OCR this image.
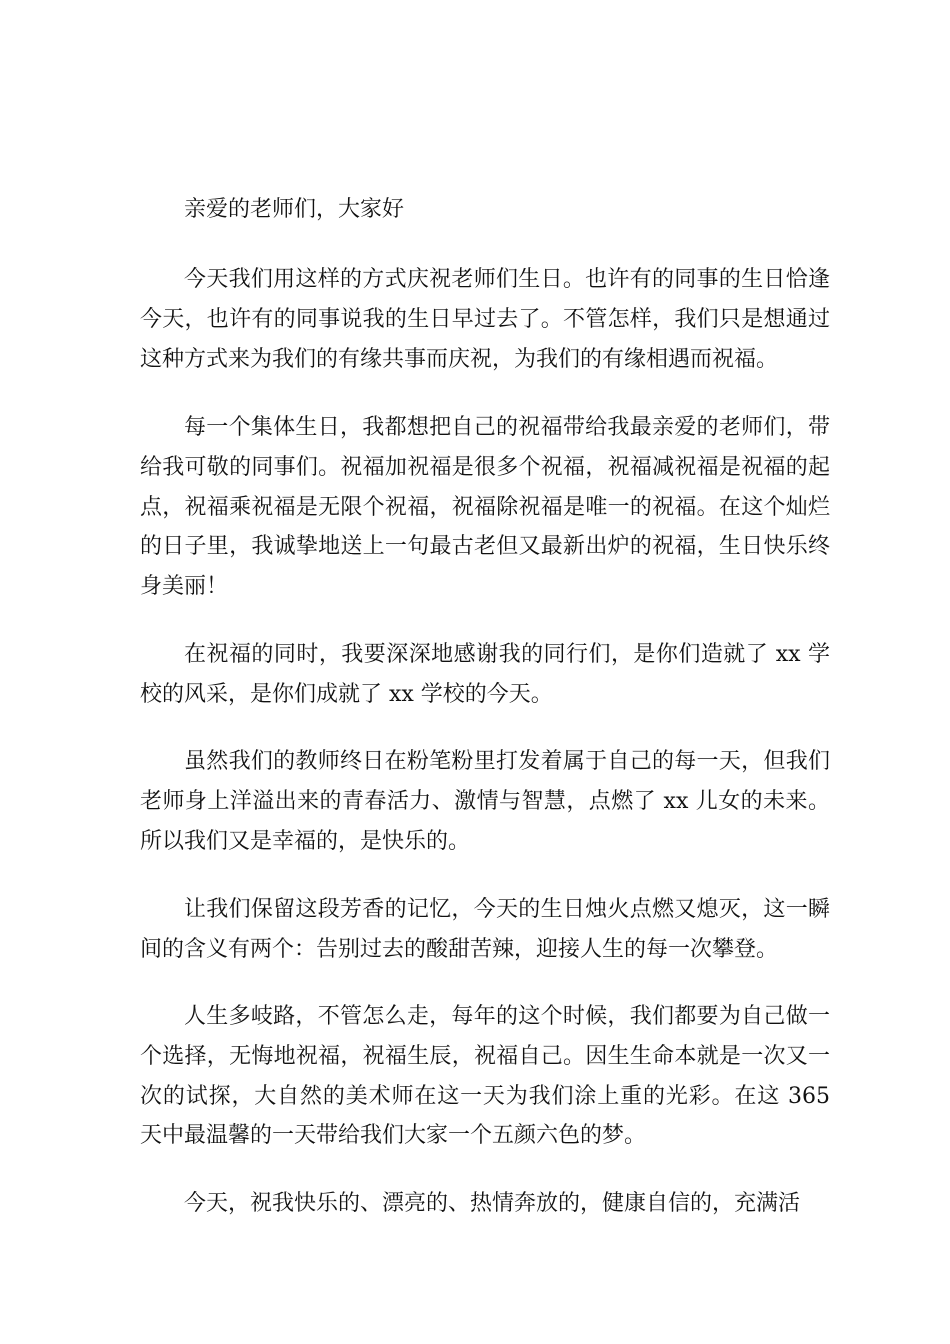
亲爱的老师们，大家好

今天我们用这样的方式庆祝老师们生日。也许有的同事的生日恰逢今天，也许有的同事说我的生日早过去了。不管怎样，我们只是想通过这种方式来为我们的有缘共事而庆祝，为我们的有缘相遇而祝福。

每一个集体生日，我都想把自己的祝福带给我最亲爱的老师们，带给我可敬的同事们。祝福加祝福是很多个祝福，祝福减祝福是祝福的起点，祝福乘祝福是无限个祝福，祝福除祝福是唯一的祝福。在这个灿烂的日子里，我诚挚地送上一句最古老但又最新出炉的祝福，生日快乐终身美丽！

在祝福的同时，我要深深地感谢我的同行们，是你们造就了 xx 学校的风采，是你们成就了 xx 学校的今天。

虽然我们的教师终日在粉笔粉里打发着属于自己的每一天，但我们老师身上洋溢出来的青春活力、激情与智慧，点燃了 xx 儿女的未来。所以我们又是幸福的，是快乐的。

让我们保留这段芳香的记忆，今天的生日烛火点燃又熄灭，这一瞬间的含义有两个：告别过去的酸甜苦辣，迎接人生的每一次攀登。

人生多岐路，不管怎么走，每年的这个时候，我们都要为自己做一个选择，无悔地祝福，祝福生辰，祝福自己。因生生命本就是一次又一次的试探，大自然的美术师在这一天为我们涂上重的光彩。在这 365 天中最温馨的一天带给我们大家一个五颜六色的梦。

今天，祝我快乐的、漂亮的、热情奔放的，健康自信的，充满活
